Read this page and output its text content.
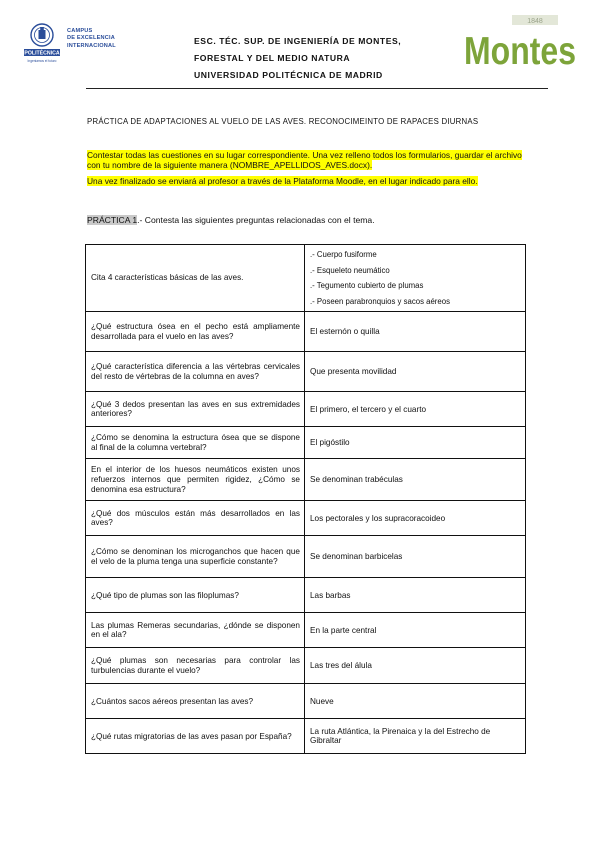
POLITÉCNICA
Ingeniamos el futuro
CAMPUS
DE EXCELENCIA
INTERNACIONAL	ESC. TÉC. SUP. DE INGENIERÍA DE MONTES,
FORESTAL Y DEL MEDIO NATURA
UNIVERSIDAD POLITÉCNICA DE MADRID
1848
Montes
PRÁCTICA DE ADAPTACIONES AL VUELO DE LAS AVES. RECONOCIMEINTO DE RAPACES DIURNAS
Contestar todas las cuestiones en su lugar correspondiente. Una vez relleno todos los formularios, guardar el archivo con tu nombre de la siguiente manera (NOMBRE_APELLIDOS_AVES.docx).
Una vez finalizado se enviará al profesor a través de la Plataforma Moodle, en el lugar indicado para ello.
PRÁCTICA 1.- Contesta las siguientes preguntas relacionadas con el tema.
Cita 4 características básicas de las aves.	.- Cuerpo fusiforme
.- Esqueleto neumático
.- Tegumento cubierto de plumas
.- Poseen parabronquios y sacos aéreos

¿Qué estructura ósea en el pecho está ampliamente desarrollada para el vuelo en las aves?	El esternón o quilla
¿Qué característica diferencia a las vértebras cervicales del resto de vértebras de la columna en aves?	Que presenta movilidad
¿Qué 3 dedos presentan las aves en sus extremidades anteriores?	El primero, el tercero y el cuarto
¿Cómo se denomina la estructura ósea que se dispone al final de la columna vertebral?	El pigóstilo
En el interior de los huesos neumáticos existen unos refuerzos internos que permiten rigidez, ¿Cómo se denomina esa estructura?	Se denominan trabéculas
¿Qué dos músculos están más desarrollados en las aves?	Los pectorales y los supracoracoideo
¿Cómo se denominan los microganchos que hacen que el velo de la pluma tenga una superficie constante?	Se denominan barbicelas
¿Qué tipo de plumas son las filoplumas?	Las barbas
Las plumas Remeras secundarias, ¿dónde se disponen en el ala?	En la parte central
¿Qué plumas son necesarias para controlar las turbulencias durante el vuelo?	Las tres del álula
¿Cuántos sacos aéreos presentan las aves?	Nueve
¿Qué rutas migratorias de las aves pasan por España?	La ruta Atlántica, la Pirenaica y la del Estrecho de Gibraltar
